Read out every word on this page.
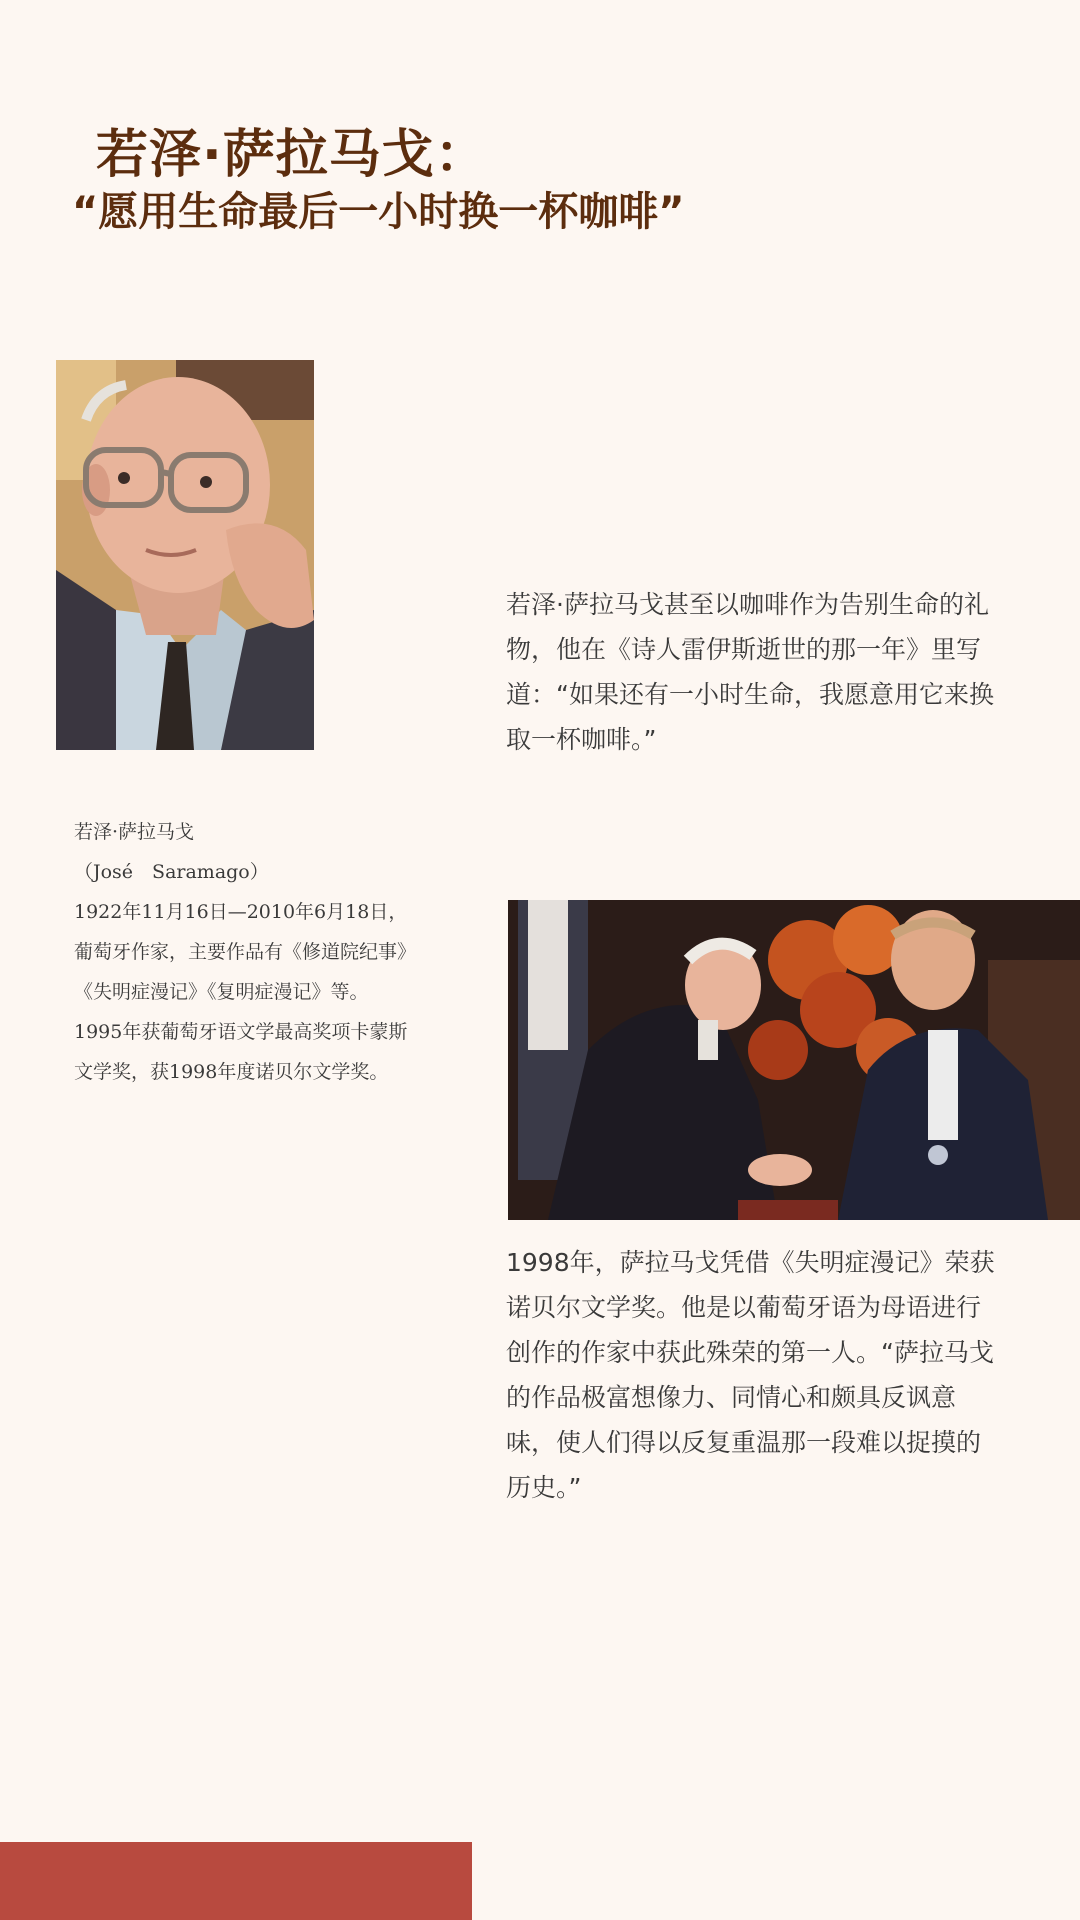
若泽·萨拉马戈：
“愿用生命最后一小时换一杯咖啡”
若泽·萨拉马戈
（José　Saramago）
1922年11月16日—2010年6月18日，葡萄牙作家，主要作品有《修道院纪事》《失明症漫记》《复明症漫记》等。1995年获葡萄牙语文学最高奖项卡蒙斯文学奖，获1998年度诺贝尔文学奖。
若泽·萨拉马戈甚至以咖啡作为告别生命的礼物，他在《诗人雷伊斯逝世的那一年》里写道：“如果还有一小时生命，我愿意用它来换取一杯咖啡。”
1998年，萨拉马戈凭借《失明症漫记》荣获诺贝尔文学奖。他是以葡萄牙语为母语进行创作的作家中获此殊荣的第一人。“萨拉马戈的作品极富想像力、同情心和颇具反讽意味，使人们得以反复重温那一段难以捉摸的历史。”
